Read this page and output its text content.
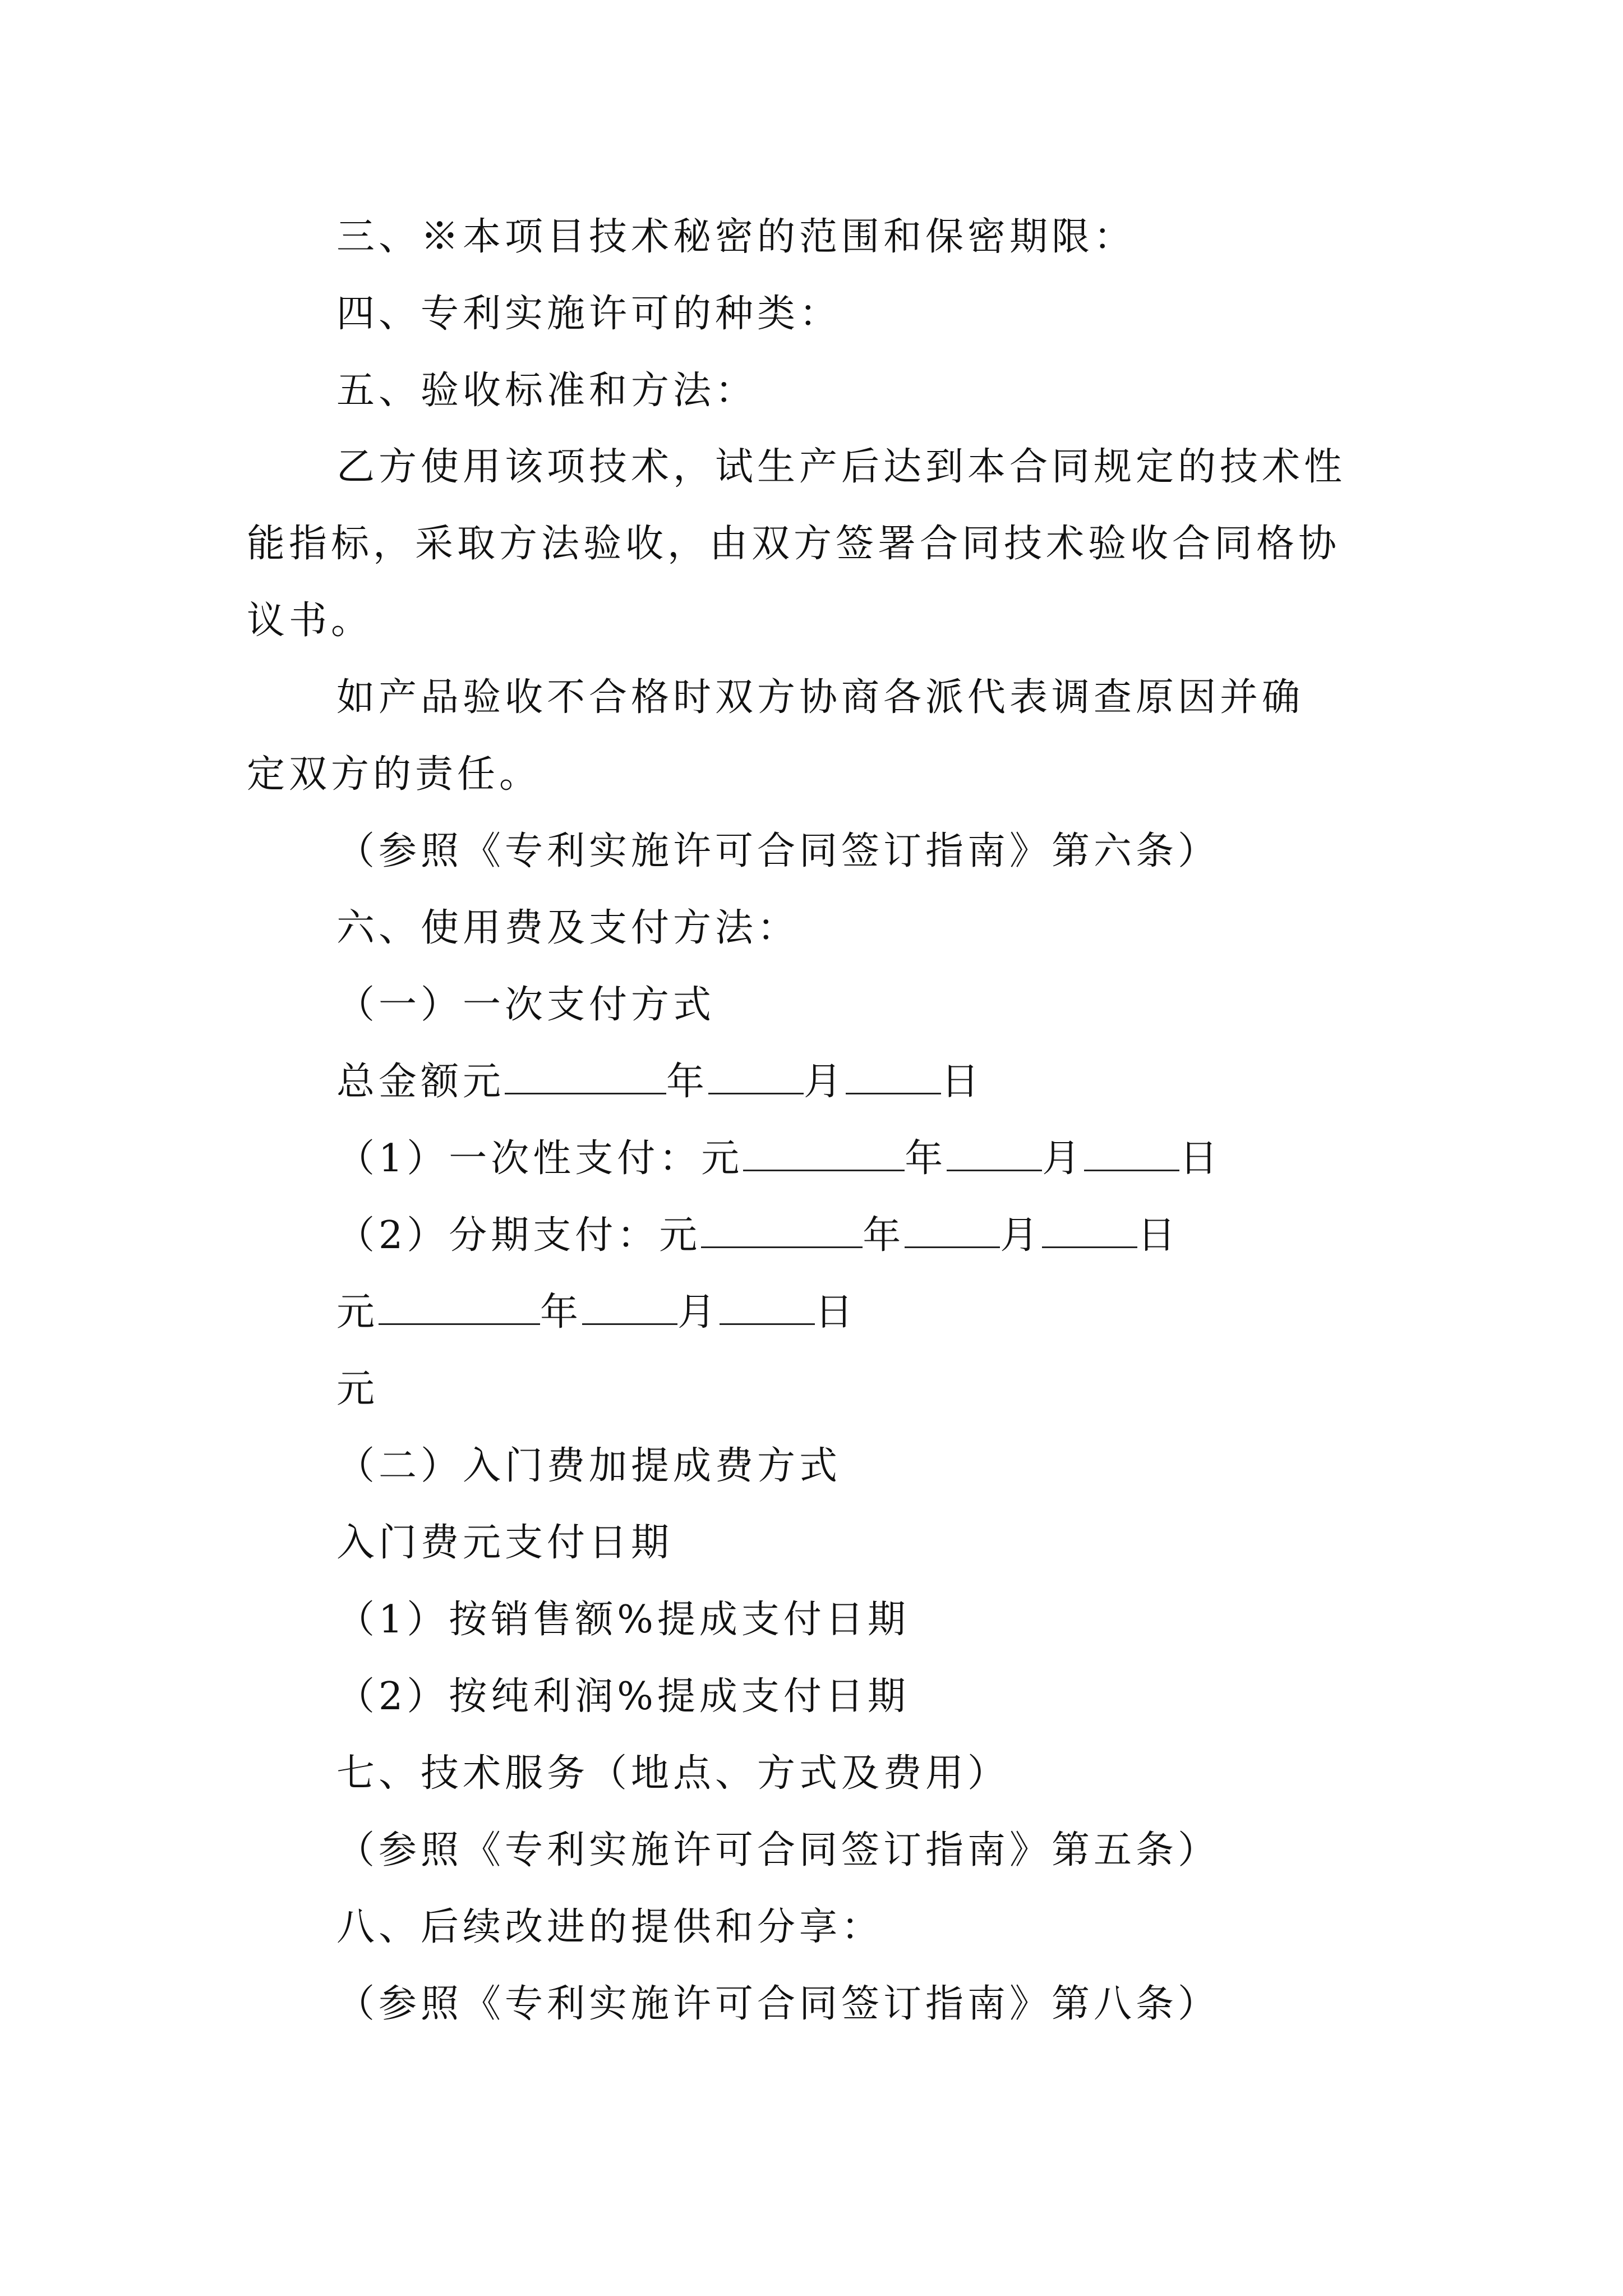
三、※本项目技术秘密的范围和保密期限：
四、专利实施许可的种类：
五、验收标准和方法：
乙方使用该项技术，试生产后达到本合同规定的技术性
能指标，采取方法验收，由双方签署合同技术验收合同格协
议书。
如产品验收不合格时双方协商各派代表调查原因并确
定双方的责任。
（参照《专利实施许可合同签订指南》第六条）
六、使用费及支付方法：
（一）一次支付方式
总金额元	年	月	日
（1）一次性支付：元	年	月	日
（2）分期支付：元	年	月	日
元	年	月	日
元
（二）入门费加提成费方式
入门费元支付日期
（1）按销售额%提成支付日期
（2）按纯利润%提成支付日期
七、技术服务（地点、方式及费用）
（参照《专利实施许可合同签订指南》第五条）
八、后续改进的提供和分享：
（参照《专利实施许可合同签订指南》第八条）
